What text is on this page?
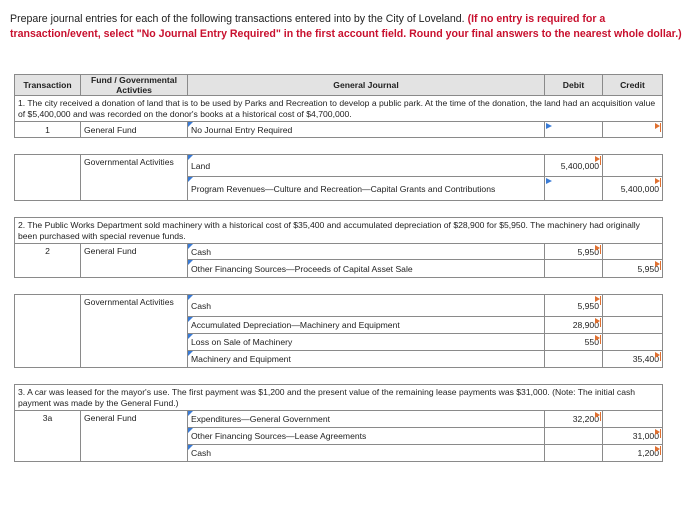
Prepare journal entries for each of the following transactions entered into by the City of Loveland. (If no entry is required for a transaction/event, select "No Journal Entry Required" in the first account field. Round your final answers to the nearest whole dollar.)
Transaction	Fund / Governmental Activties	General Journal	Debit	Credit
1. The city received a donation of land that is to be used by Parks and Recreation to develop a public park. At the time of the donation, the land had an acquisition value of $5,400,000 and was recorded on the donor's books at a historical cost of $4,700,000.				
1	General Fund	No Journal Entry Required	

	Governmental Activities	Land	5,400,000	

Program Revenues—Culture and Recreation—Capital Grants and Contributions		5,400,000

2. The Public Works Department sold machinery with a historical cost of $35,400 and accumulated depreciation of $28,900 for $5,950. The machinery had originally been purchased with special revenue funds.				
2	General Fund	Cash	5,950	

Other Financing Sources—Proceeds of Capital Asset Sale		5,950

	Governmental Activities	Cash	5,950	

Accumulated Depreciation—Machinery and Equipment	28,900	

Loss on Sale of Machinery	550	

Machinery and Equipment		35,400

3. A car was leased for the mayor's use. The first payment was $1,200 and the present value of the remaining lease payments was $31,000. (Note: The initial cash payment was made by the General Fund.)				
3a	General Fund	Expenditures—General Government	32,200	

Other Financing Sources—Lease Agreements		31,000

Cash		1,200
